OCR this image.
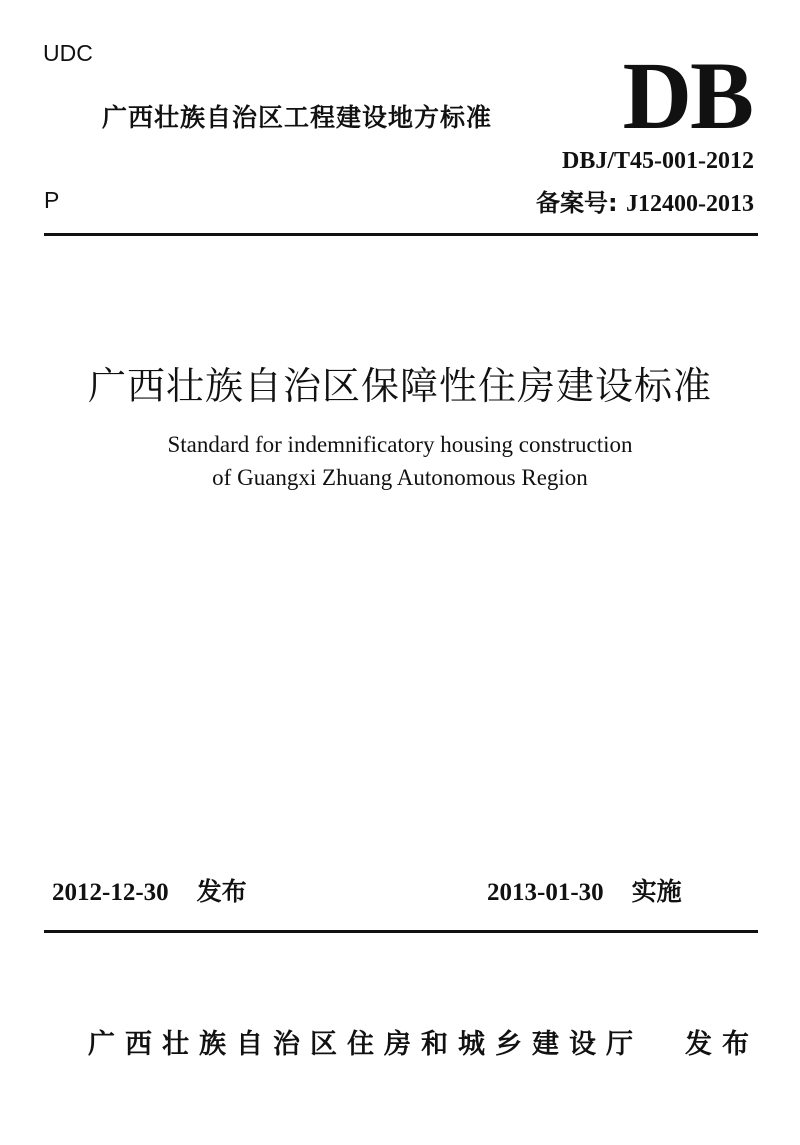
UDC
广西壮族自治区工程建设地方标准 DB
DBJ/T45-001-2012
P	备案号: J12400-2013
广西壮族自治区保障性住房建设标准
Standard for indemnificatory housing construction
of Guangxi Zhuang Autonomous Region
2012-12-30 发布	2013-01-30 实施
广西壮族自治区住房和城乡建设厅 发布
